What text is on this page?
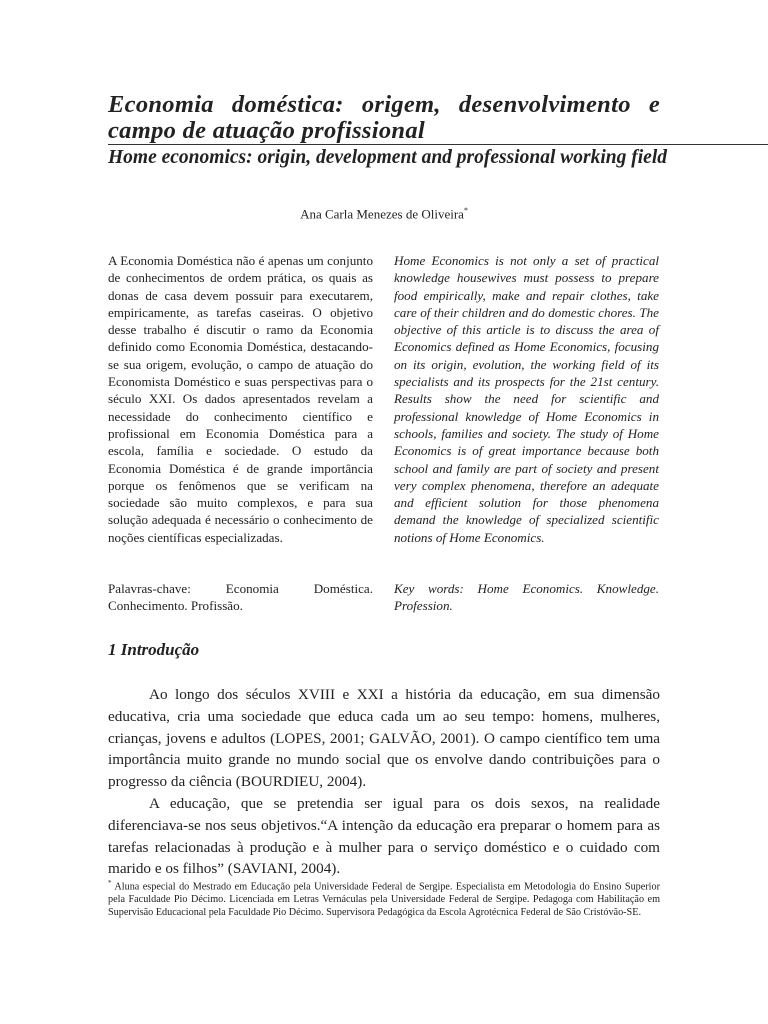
Economia doméstica: origem, desenvolvimento e campo de atuação profissional
Home economics: origin, development and professional working field
Ana Carla Menezes de Oliveira*

A Economia Doméstica não é apenas um conjunto de conhecimentos de ordem prática, os quais as donas de casa devem possuir para executarem, empiricamente, as tarefas caseiras. O objetivo desse trabalho é discutir o ramo da Economia definido como Economia Doméstica, destacando-se sua origem, evolução, o campo de atuação do Economista Doméstico e suas perspectivas para o século XXI. Os dados apresentados revelam a necessidade do conhecimento científico e profissional em Economia Doméstica para a escola, família e sociedade. O estudo da Economia Doméstica é de grande importância porque os fenômenos que se verificam na sociedade são muito complexos, e para sua solução adequada é necessário o conhecimento de noções científicas especializadas.

Home Economics is not only a set of practical knowledge housewives must possess to prepare food empirically, make and repair clothes, take care of their children and do domestic chores. The objective of this article is to discuss the area of Economics defined as Home Economics, focusing on its origin, evolution, the working field of its specialists and its prospects for the 21st century. Results show the need for scientific and professional knowledge of Home Economics in schools, families and society. The study of Home Economics is of great importance because both school and family are part of society and present very complex phenomena, therefore an adequate and efficient solution for those phenomena demand the knowledge of specialized scientific notions of Home Economics.

Palavras-chave: Economia Doméstica. Conhecimento. Profissão.

Key words: Home Economics. Knowledge. Profession.

1 Introdução

Ao longo dos séculos XVIII e XXI a história da educação, em sua dimensão educativa, cria uma sociedade que educa cada um ao seu tempo: homens, mulheres, crianças, jovens e adultos (LOPES, 2001; GALVÃO, 2001). O campo científico tem uma importância muito grande no mundo social que os envolve dando contribuições para o progresso da ciência (BOURDIEU, 2004).

A educação, que se pretendia ser igual para os dois sexos, na realidade diferenciava-se nos seus objetivos.“A intenção da educação era preparar o homem para as tarefas relacionadas à produção e à mulher para o serviço doméstico e o cuidado com marido e os filhos” (SAVIANI, 2004).

* Aluna especial do Mestrado em Educação pela Universidade Federal de Sergipe. Especialista em Metodologia do Ensino Superior pela Faculdade Pio Décimo. Licenciada em Letras Vernáculas pela Universidade Federal de Sergipe. Pedagoga com Habilitação em Supervisão Educacional pela Faculdade Pio Décimo. Supervisora Pedagógica da Escola Agrotécnica Federal de São Cristóvão-SE.
